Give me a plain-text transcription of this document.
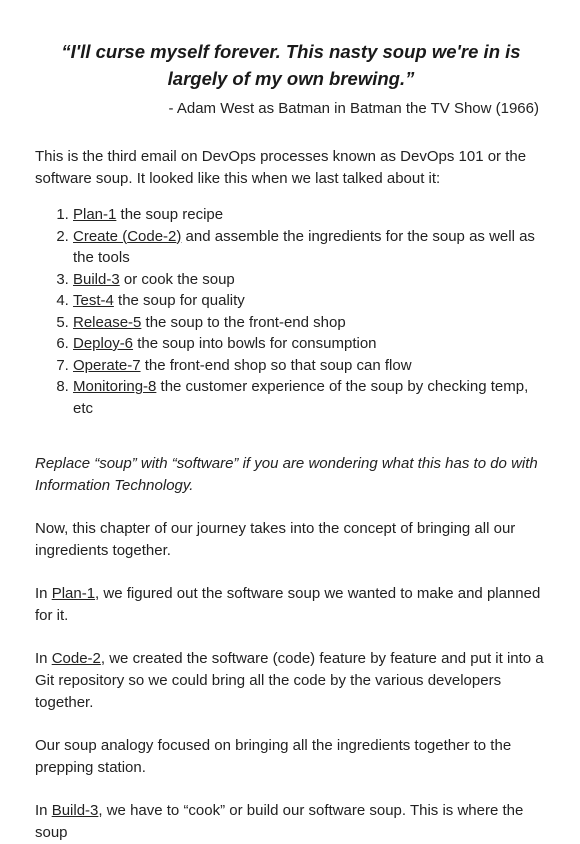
“I'll curse myself forever. This nasty soup we're in is largely of my own brewing.”

- Adam West as Batman in Batman the TV Show (1966)

This is the third email on DevOps processes known as DevOps 101 or the software soup. It looked like this when we last talked about it:

1. Plan-1 the soup recipe
2. Create (Code-2) and assemble the ingredients for the soup as well as the tools
3. Build-3 or cook the soup
4. Test-4 the soup for quality
5. Release-5 the soup to the front-end shop
6. Deploy-6 the soup into bowls for consumption
7. Operate-7 the front-end shop so that soup can flow
8. Monitoring-8 the customer experience of the soup by checking temp, etc

Replace “soup” with “software” if you are wondering what this has to do with Information Technology.

Now, this chapter of our journey takes into the concept of bringing all our ingredients together.

In Plan-1, we figured out the software soup we wanted to make and planned for it.

In Code-2, we created the software (code) feature by feature and put it into a Git repository so we could bring all the code by the various developers together.

Our soup analogy focused on bringing all the ingredients together to the prepping station.

In Build-3, we have to “cook” or build our software soup. This is where the soup
